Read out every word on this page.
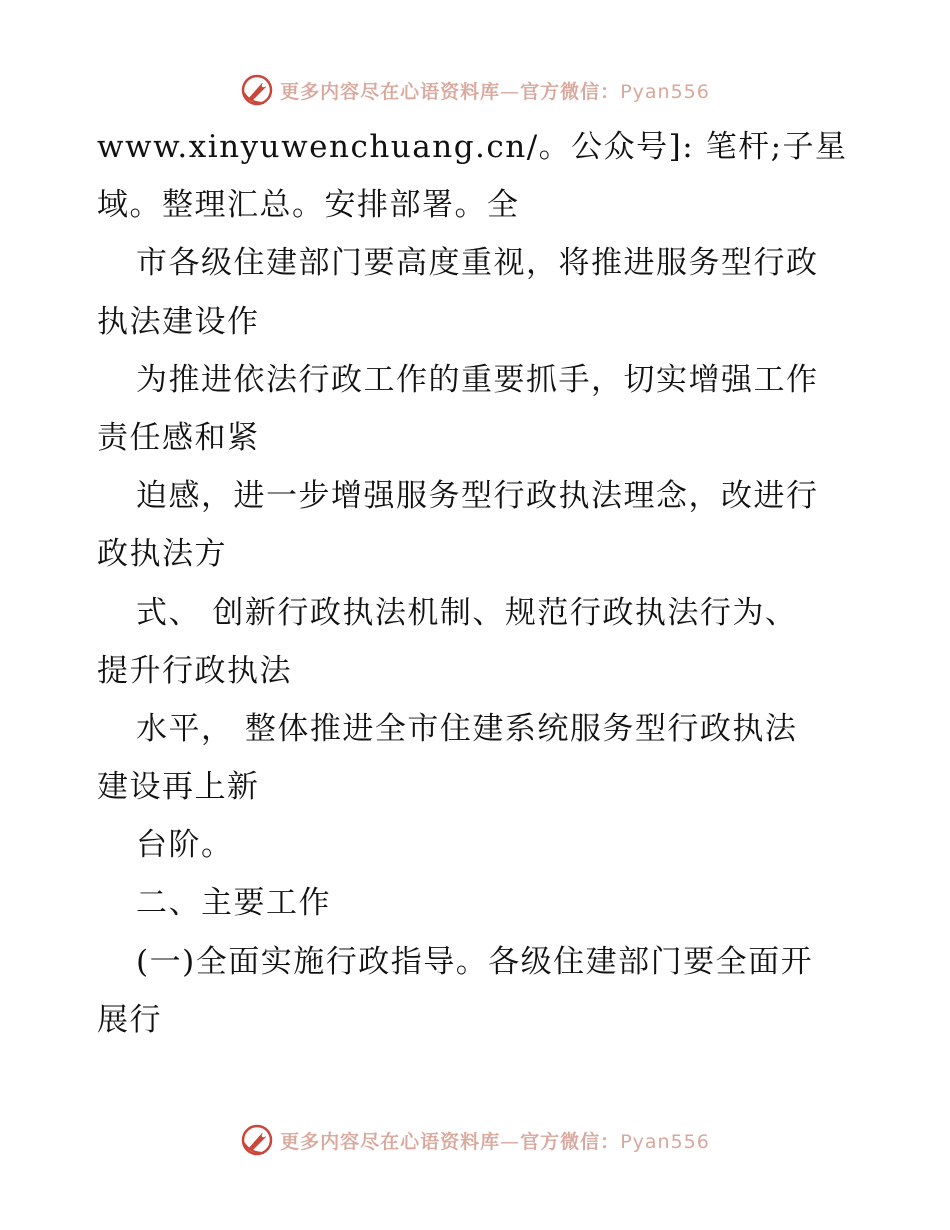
更多内容尽在心语资料库—官方微信：Pyan556
www.xinyuwenchuang.cn/。公众号]: 笔杆;子星
域。整理汇总。安排部署。全
市各级住建部门要高度重视，将推进服务型行政
执法建设作
为推进依法行政工作的重要抓手，切实增强工作
责任感和紧
迫感，进一步增强服务型行政执法理念，改进行
政执法方
式、 创新行政执法机制、规范行政执法行为、
提升行政执法
水平， 整体推进全市住建系统服务型行政执法
建设再上新
台阶。
二、主要工作
(一)全面实施行政指导。各级住建部门要全面开
展行
更多内容尽在心语资料库—官方微信：Pyan556
